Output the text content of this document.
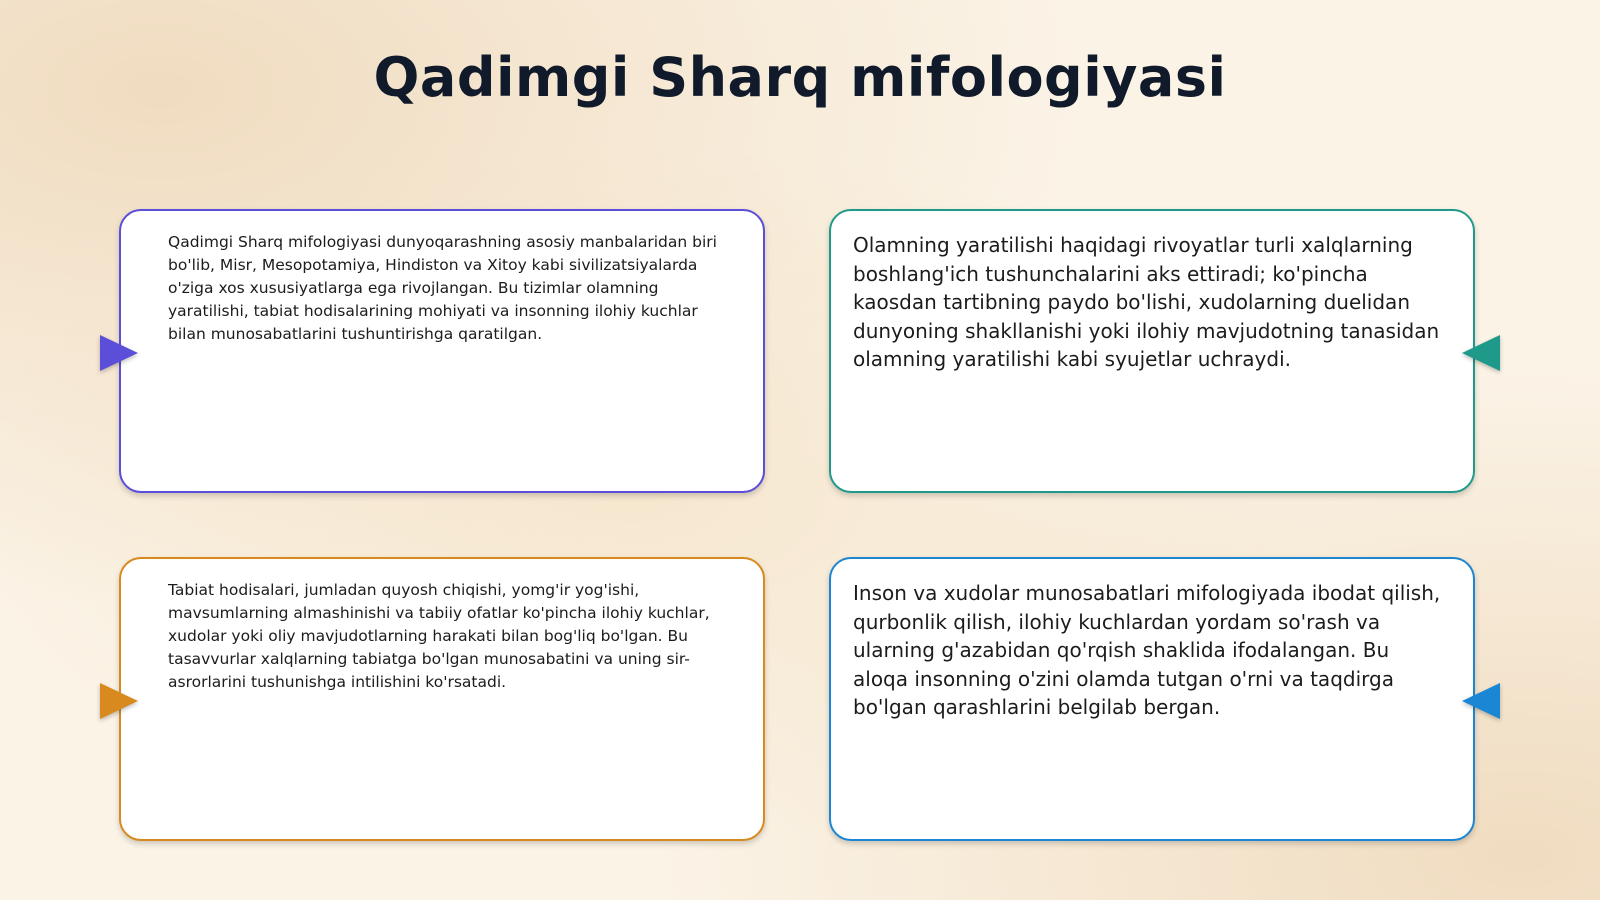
Qadimgi Sharq mifologiyasi

Qadimgi Sharq mifologiyasi dunyoqarashning asosiy manbalaridan biri bo'lib, Misr, Mesopotamiya, Hindiston va Xitoy kabi sivilizatsiyalarda o'ziga xos xususiyatlarga ega rivojlangan. Bu tizimlar olamning yaratilishi, tabiat hodisalarining mohiyati va insonning ilohiy kuchlar bilan munosabatlarini tushuntirishga qaratilgan.

Olamning yaratilishi haqidagi rivoyatlar turli xalqlarning boshlang'ich tushunchalarini aks ettiradi; ko'pincha kaosdan tartibning paydo bo'lishi, xudolarning duelidan dunyoning shakllanishi yoki ilohiy mavjudotning tanasidan olamning yaratilishi kabi syujetlar uchraydi.

Tabiat hodisalari, jumladan quyosh chiqishi, yomg'ir yog'ishi, mavsumlarning almashinishi va tabiiy ofatlar ko'pincha ilohiy kuchlar, xudolar yoki oliy mavjudotlarning harakati bilan bog'liq bo'lgan. Bu tasavvurlar xalqlarning tabiatga bo'lgan munosabatini va uning sir-asrorlarini tushunishga intilishini ko'rsatadi.

Inson va xudolar munosabatlari mifologiyada ibodat qilish, qurbonlik qilish, ilohiy kuchlardan yordam so'rash va ularning g'azabidan qo'rqish shaklida ifodalangan. Bu aloqa insonning o'zini olamda tutgan o'rni va taqdirga bo'lgan qarashlarini belgilab bergan.
